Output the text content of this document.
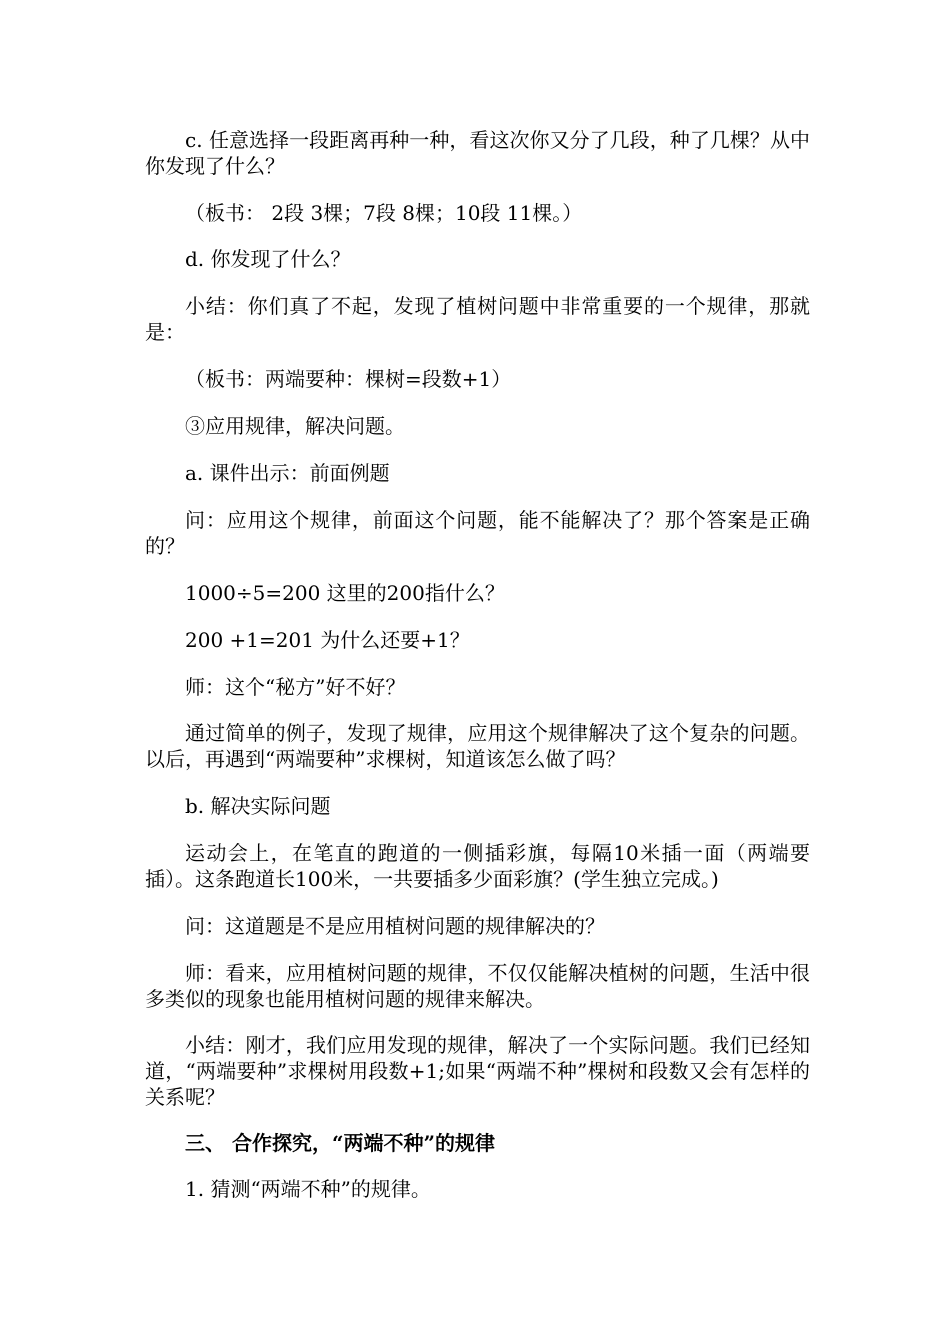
c. 任意选择一段距离再种一种，看这次你又分了几段，种了几棵？从中你发现了什么？

（板书： 2段 3棵；7段 8棵；10段 11棵。）

d. 你发现了什么？

小结：你们真了不起，发现了植树问题中非常重要的一个规律，那就是：

（板书：两端要种：棵树=段数+1）

③应用规律，解决问题。

a. 课件出示：前面例题

问：应用这个规律，前面这个问题，能不能解决了？那个答案是正确的？

1000÷5=200 这里的200指什么？

200 +1=201 为什么还要+1？

师：这个“秘方”好不好？

通过简单的例子，发现了规律，应用这个规律解决了这个复杂的问题。以后，再遇到“两端要种”求棵树，知道该怎么做了吗？

b. 解决实际问题

运动会上，在笔直的跑道的一侧插彩旗，每隔10米插一面（两端要插）。这条跑道长100米，一共要插多少面彩旗？(学生独立完成。)

问：这道题是不是应用植树问题的规律解决的？

师：看来，应用植树问题的规律，不仅仅能解决植树的问题，生活中很多类似的现象也能用植树问题的规律来解决。

小结：刚才，我们应用发现的规律，解决了一个实际问题。我们已经知道，“两端要种”求棵树用段数+1;如果“两端不种”棵树和段数又会有怎样的关系呢？

三、 合作探究，“两端不种”的规律

1. 猜测“两端不种”的规律。
